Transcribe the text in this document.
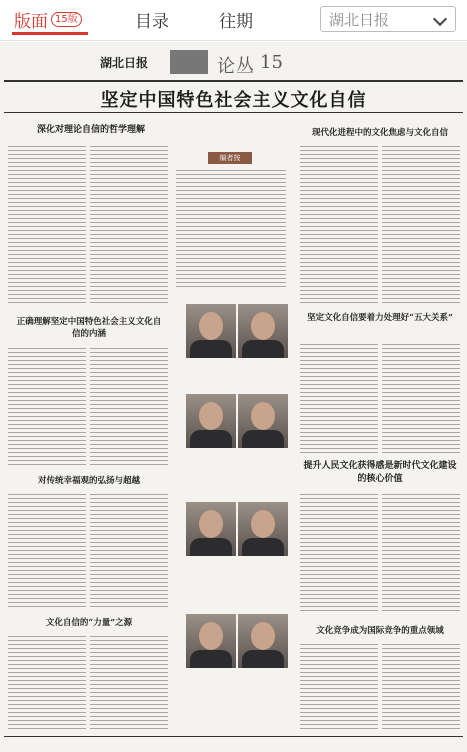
版面 15版	目录	往期	湖北日报
湖北日报	论丛 15
坚定中国特色社会主义文化自信
深化对理论自信的哲学理解
正确理解坚定中国特色社会主义文化自信的内涵
对传统幸福观的弘扬与超越
文化自信的“力量”之源
编者按
现代化进程中的文化焦虑与文化自信
坚定文化自信要着力处理好“五大关系”
提升人民文化获得感是新时代文化建设的核心价值
文化竞争成为国际竞争的重点领域
